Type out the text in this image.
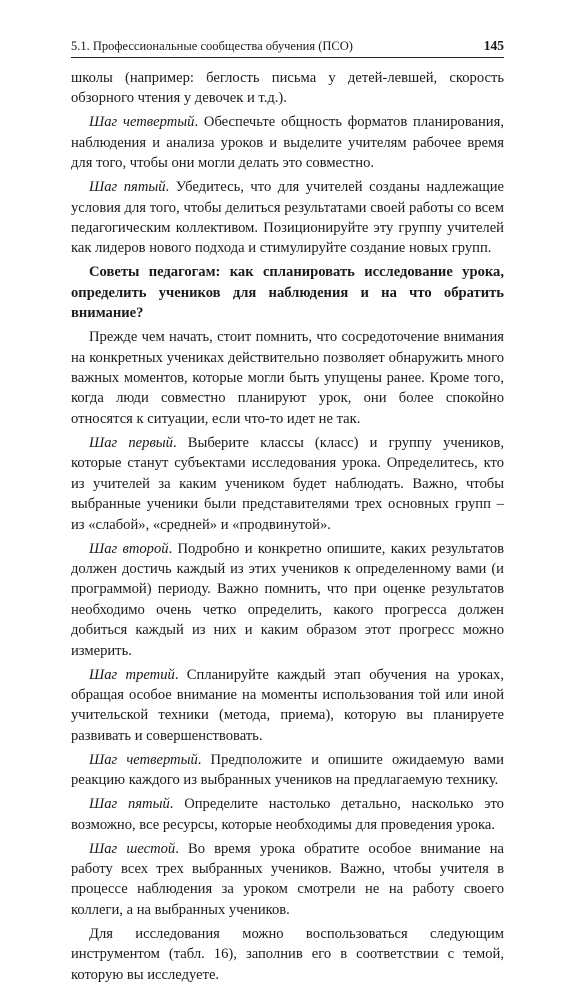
5.1. Профессиональные сообщества обучения (ПСО)	145

школы (например: беглость письма у детей-левшей, скорость обзорного чтения у девочек и т.д.).

Шаг четвертый. Обеспечьте общность форматов планирования, наблюдения и анализа уроков и выделите учителям рабочее время для того, чтобы они могли делать это совместно.

Шаг пятый. Убедитесь, что для учителей созданы надлежащие условия для того, чтобы делиться результатами своей работы со всем педагогическим коллективом. Позиционируйте эту группу учителей как лидеров нового подхода и стимулируйте создание новых групп.

Советы педагогам: как спланировать исследование урока, определить учеников для наблюдения и на что обратить внимание?

Прежде чем начать, стоит помнить, что сосредоточение внимания на конкретных учениках действительно позволяет обнаружить много важных моментов, которые могли быть упущены ранее. Кроме того, когда люди совместно планируют урок, они более спокойно относятся к ситуации, если что-то идет не так.

Шаг первый. Выберите классы (класс) и группу учеников, которые станут субъектами исследования урока. Определитесь, кто из учителей за каким учеником будет наблюдать. Важно, чтобы выбранные ученики были представителями трех основных групп – из «слабой», «средней» и «продвинутой».

Шаг второй. Подробно и конкретно опишите, каких результатов должен достичь каждый из этих учеников к определенному вами (и программой) периоду. Важно помнить, что при оценке результатов необходимо очень четко определить, какого прогресса должен добиться каждый из них и каким образом этот прогресс можно измерить.

Шаг третий. Спланируйте каждый этап обучения на уроках, обращая особое внимание на моменты использования той или иной учительской техники (метода, приема), которую вы планируете развивать и совершенствовать.

Шаг четвертый. Предположите и опишите ожидаемую вами реакцию каждого из выбранных учеников на предлагаемую технику.

Шаг пятый. Определите настолько детально, насколько это возможно, все ресурсы, которые необходимы для проведения урока.

Шаг шестой. Во время урока обратите особое внимание на работу всех трех выбранных учеников. Важно, чтобы учителя в процессе наблюдения за уроком смотрели не на работу своего коллеги, а на выбранных учеников.

Для исследования можно воспользоваться следующим инструментом (табл. 16), заполнив его в соответствии с темой, которую вы исследуете.
